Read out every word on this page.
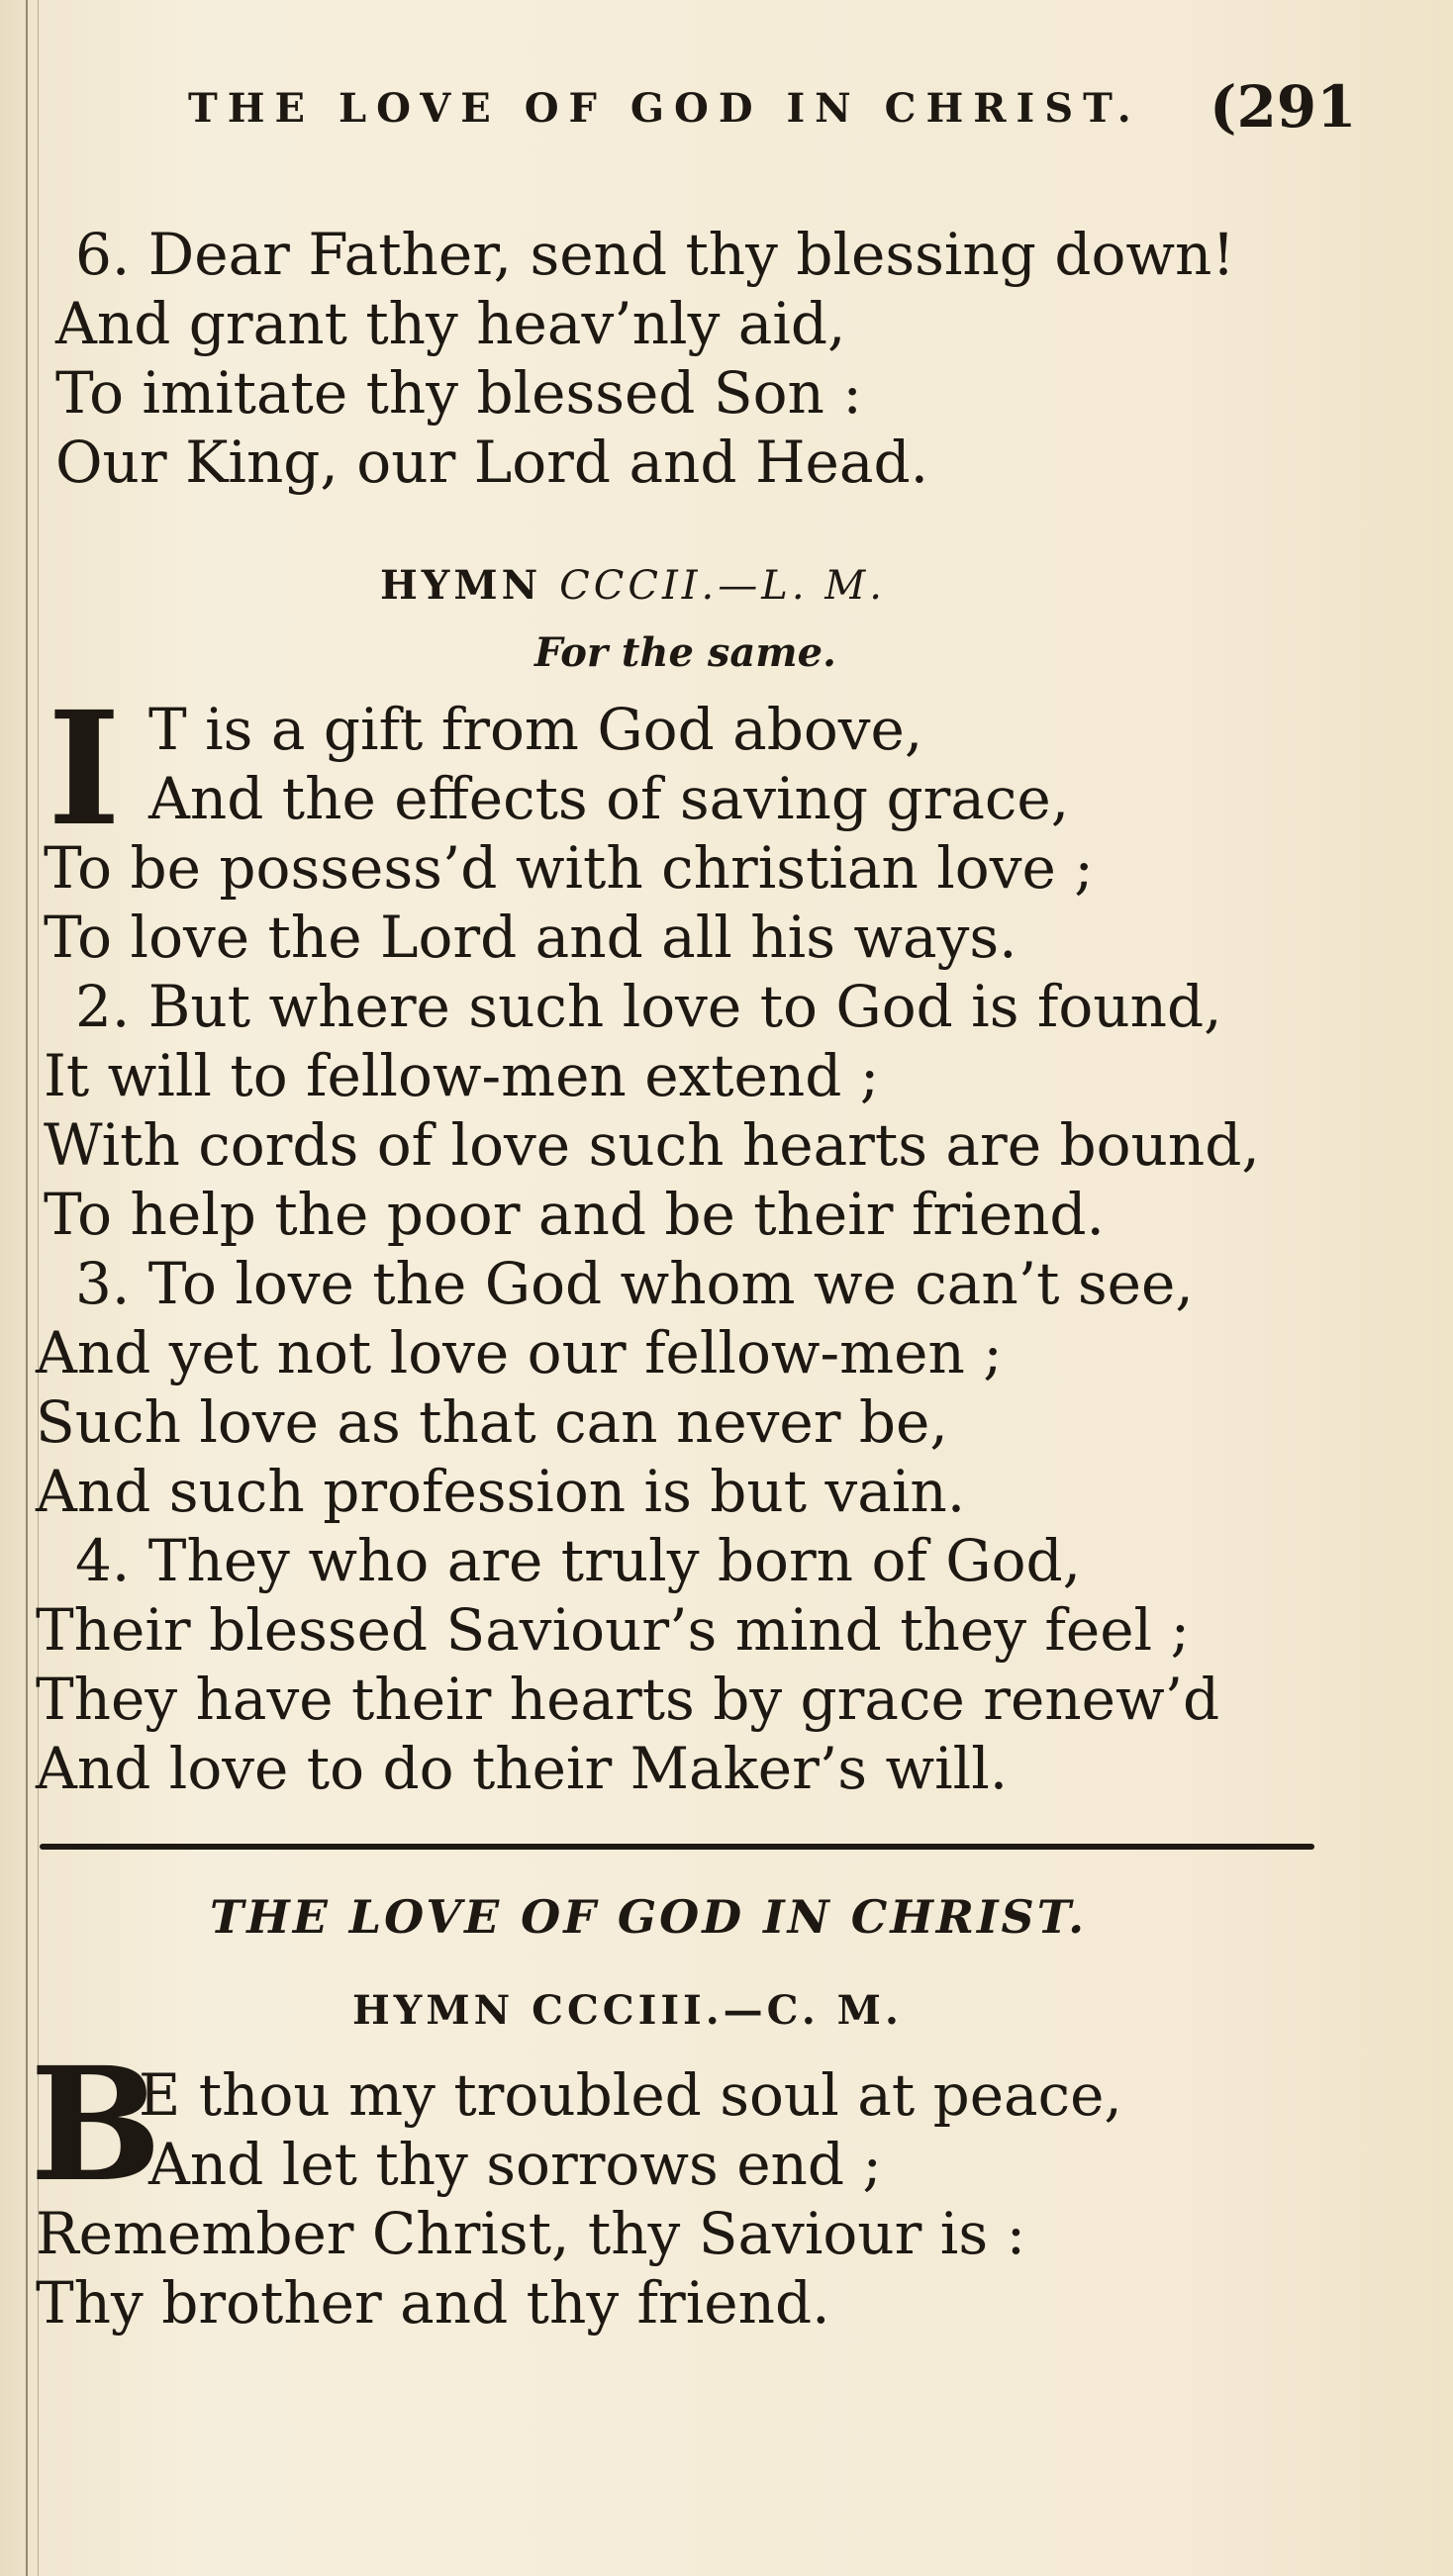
THE LOVE OF GOD IN CHRIST. (291
6. Dear Father, send thy blessing down!
And grant thy heav’nly aid,
To imitate thy blessed Son :
Our King, our Lord and Head.
HYMN CCCII.—L. M.
For the same.
I T is a gift from God above,
And the effects of saving grace,
To be possess’d with christian love ;
To love the Lord and all his ways.
2. But where such love to God is found,
It will to fellow-men extend ;
With cords of love such hearts are bound,
To help the poor and be their friend.
3. To love the God whom we can’t see,
And yet not love our fellow-men ;
Such love as that can never be,
And such profession is but vain.
4. They who are truly born of God,
Their blessed Saviour’s mind they feel ;
They have their hearts by grace renew’d
And love to do their Maker’s will.
THE LOVE OF GOD IN CHRIST.
HYMN CCCIII.—C. M.
B
E thou my troubled soul at peace,
And let thy sorrows end ;
Remember Christ, thy Saviour is :
Thy brother and thy friend.
